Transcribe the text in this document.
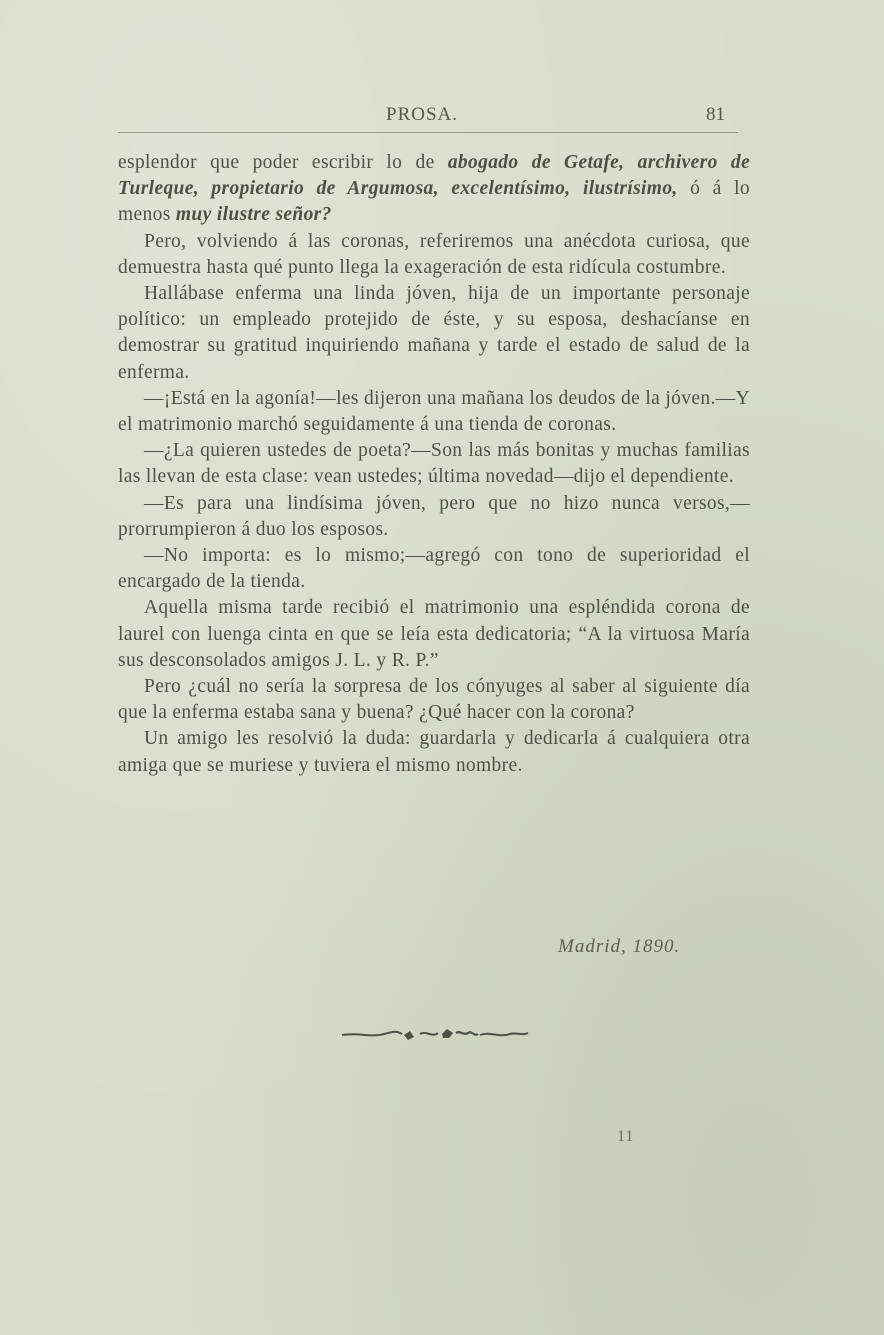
PROSA.	81

esplendor que poder escribir lo de abogado de Getafe, archivero de Turleque, propietario de Argumosa, excelentísimo, ilustrísimo, ó á lo menos muy ilustre señor?

Pero, volviendo á las coronas, referiremos una anécdota curiosa, que demuestra hasta qué punto llega la exageración de esta ridícula costumbre.

Hallábase enferma una linda jóven, hija de un importante personaje político: un empleado protejido de éste, y su esposa, deshacíanse en demostrar su gratitud inquiriendo mañana y tarde el estado de salud de la enferma.

—¡Está en la agonía!—les dijeron una mañana los deudos de la jóven.—Y el matrimonio marchó seguidamente á una tienda de coronas.

—¿La quieren ustedes de poeta?—Son las más bonitas y muchas familias las llevan de esta clase: vean ustedes; última novedad—dijo el dependiente.

—Es para una lindísima jóven, pero que no hizo nunca versos,—prorrumpieron á duo los esposos.

—No importa: es lo mismo;—agregó con tono de superioridad el encargado de la tienda.

Aquella misma tarde recibió el matrimonio una espléndida corona de laurel con luenga cinta en que se leía esta dedicatoria; “A la virtuosa María sus desconsolados amigos J. L. y R. P.”

Pero ¿cuál no sería la sorpresa de los cónyuges al saber al siguiente día que la enferma estaba sana y buena? ¿Qué hacer con la corona?

Un amigo les resolvió la duda: guardarla y dedicarla á cualquiera otra amiga que se muriese y tuviera el mismo nombre.

Madrid, 1890.
11
